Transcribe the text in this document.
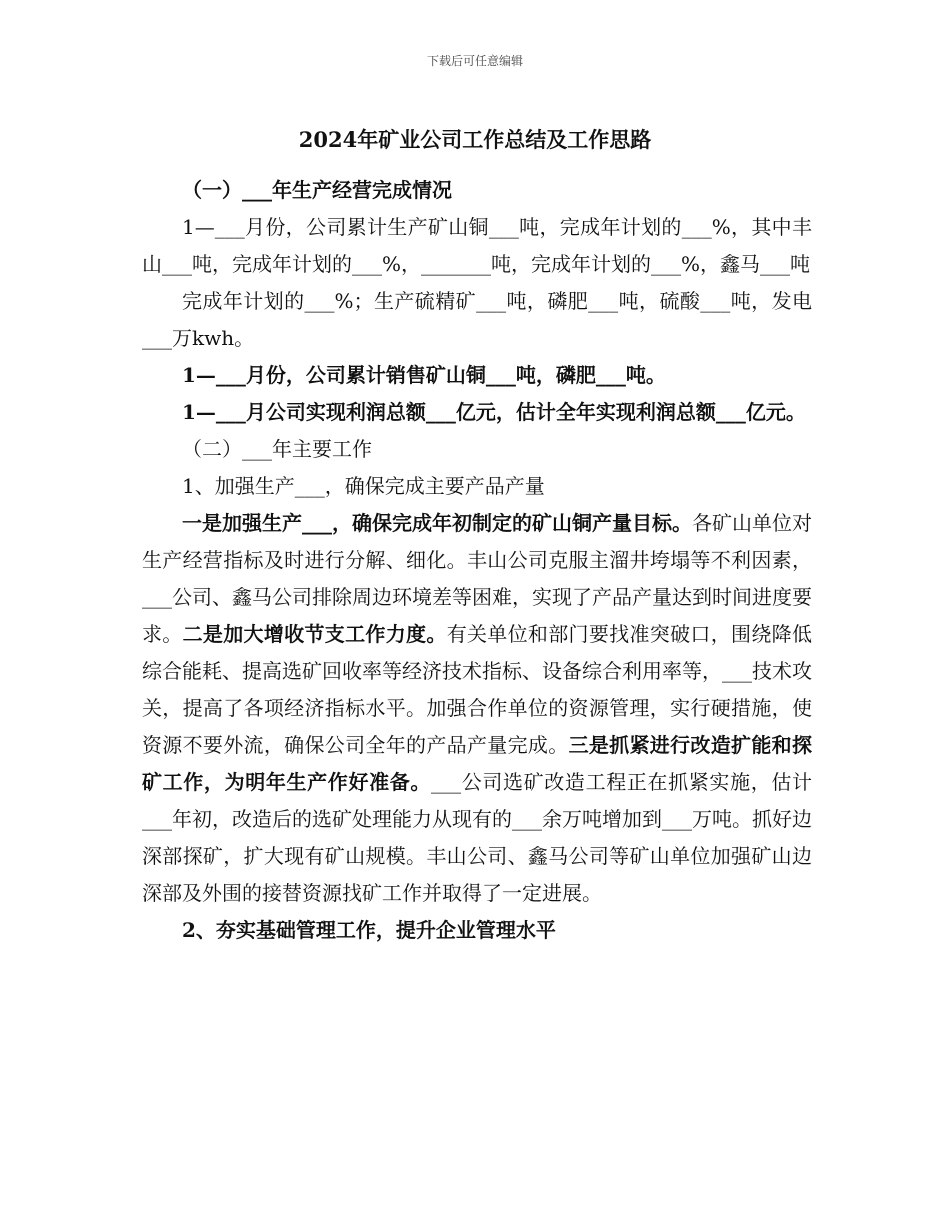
下载后可任意编辑
2024年矿业公司工作总结及工作思路

（一）___年生产经营完成情况

1—___月份，公司累计生产矿山铜___吨，完成年计划的___%，其中丰山___吨，完成年计划的___%，_______吨，完成年计划的___%，鑫马___吨

完成年计划的___%；生产硫精矿___吨，磷肥___吨，硫酸___吨，发电___万kwh。

1—___月份，公司累计销售矿山铜___吨，磷肥___吨。

1—___月公司实现利润总额___亿元，估计全年实现利润总额___亿元。

（二）___年主要工作

1、加强生产___，确保完成主要产品产量

一是加强生产___，确保完成年初制定的矿山铜产量目标。各矿山单位对生产经营指标及时进行分解、细化。丰山公司克服主溜井垮塌等不利因素，___公司、鑫马公司排除周边环境差等困难，实现了产品产量达到时间进度要求。二是加大增收节支工作力度。有关单位和部门要找准突破口，围绕降低综合能耗、提高选矿回收率等经济技术指标、设备综合利用率等，___技术攻关，提高了各项经济指标水平。加强合作单位的资源管理，实行硬措施，使资源不要外流，确保公司全年的产品产量完成。三是抓紧进行改造扩能和探矿工作，为明年生产作好准备。___公司选矿改造工程正在抓紧实施，估计___年初，改造后的选矿处理能力从现有的___余万吨增加到___万吨。抓好边深部探矿，扩大现有矿山规模。丰山公司、鑫马公司等矿山单位加强矿山边深部及外围的接替资源找矿工作并取得了一定进展。

2、夯实基础管理工作，提升企业管理水平
